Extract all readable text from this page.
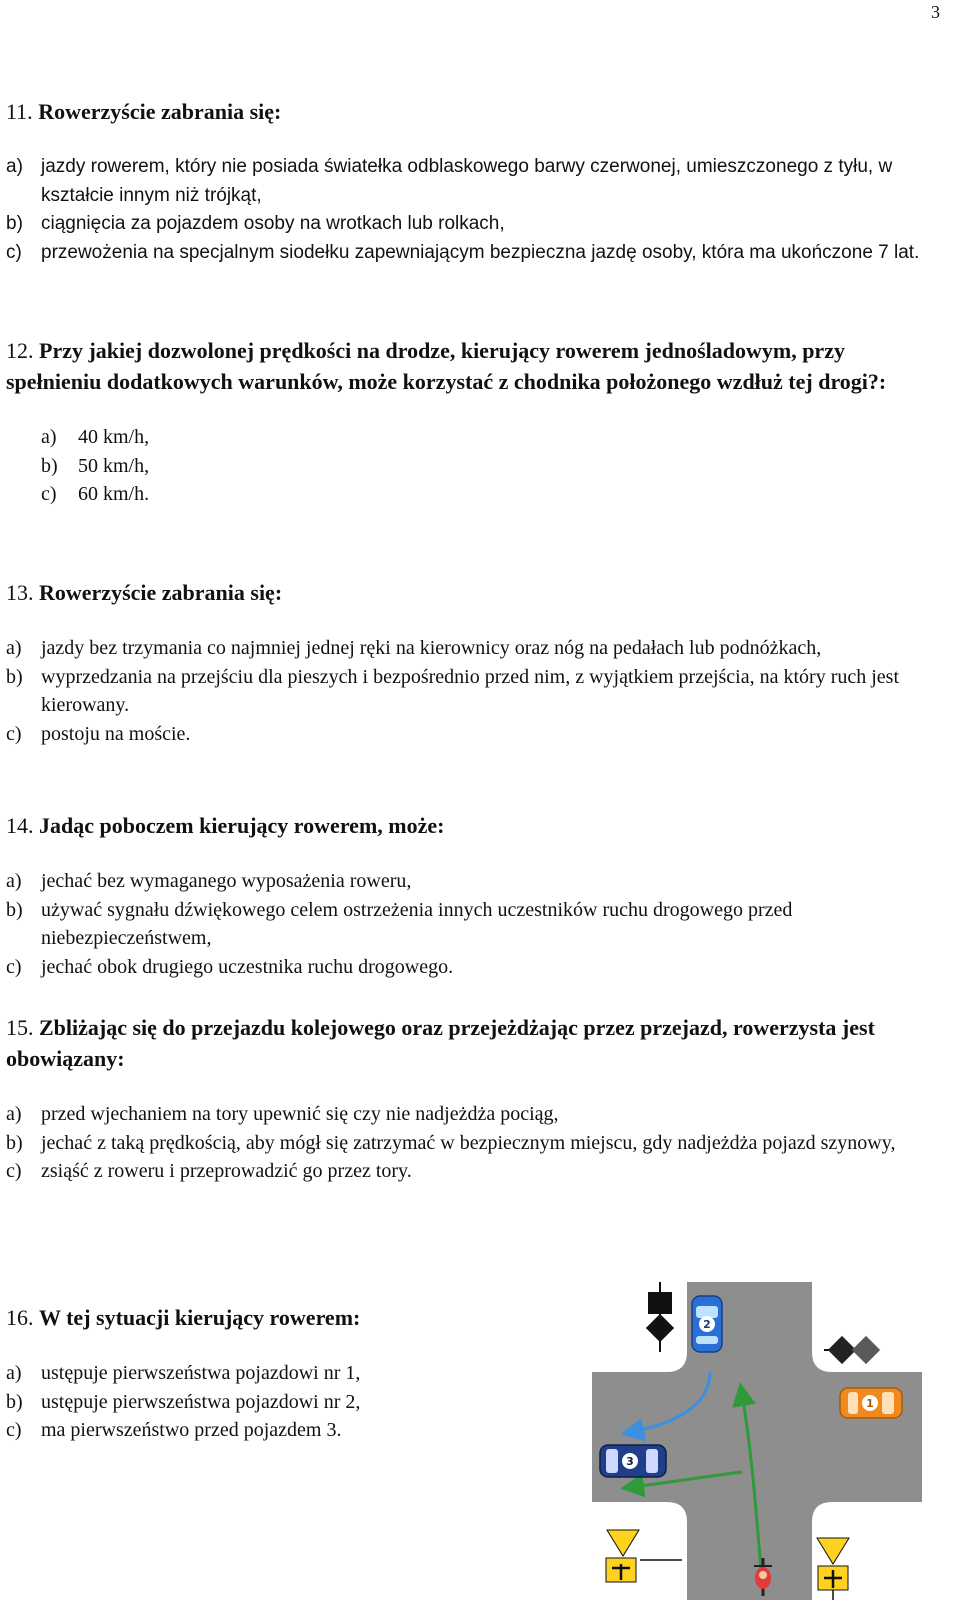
3

11. Rowerzyście zabrania się:

a) jazdy rowerem, który nie posiada światełka odblaskowego barwy czerwonej, umieszczonego z tyłu, w kształcie innym niż trójkąt,
b) ciągnięcia za pojazdem osoby na wrotkach lub rolkach,
c) przewożenia na specjalnym siodełku zapewniającym bezpieczna jazdę osoby, która ma ukończone 7 lat.

12. Przy jakiej dozwolonej prędkości na drodze, kierujący rowerem jednośladowym, przy spełnieniu dodatkowych warunków, może korzystać z chodnika położonego wzdłuż tej drogi?:

a) 40 km/h,
b) 50 km/h,
c) 60 km/h.

13. Rowerzyście zabrania się:

a) jazdy bez trzymania co najmniej jednej ręki na kierownicy oraz nóg na pedałach lub podnóżkach,
b) wyprzedzania na przejściu dla pieszych i bezpośrednio przed nim, z wyjątkiem przejścia, na który ruch jest kierowany.
c) postoju na moście.

14. Jadąc poboczem kierujący rowerem, może:

a) jechać bez wymaganego wyposażenia roweru,
b) używać sygnału dźwiękowego celem ostrzeżenia innych uczestników ruchu drogowego przed niebezpieczeństwem,
c) jechać obok drugiego uczestnika ruchu drogowego.

15. Zbliżając się do przejazdu kolejowego oraz przejeżdżając przez przejazd, rowerzysta jest obowiązany:

a) przed wjechaniem na tory upewnić się czy nie nadjeżdża pociąg,
b) jechać z taką prędkością, aby mógł się zatrzymać w bezpiecznym miejscu, gdy nadjeżdża pojazd szynowy,
c) zsiąść z roweru i przeprowadzić go przez tory.

16. W tej sytuacji kierujący rowerem:

a) ustępuje pierwszeństwa pojazdowi nr 1,
b) ustępuje pierwszeństwa pojazdowi nr 2,
c) ma pierwszeństwo przed pojazdem 3.
2
1
3
